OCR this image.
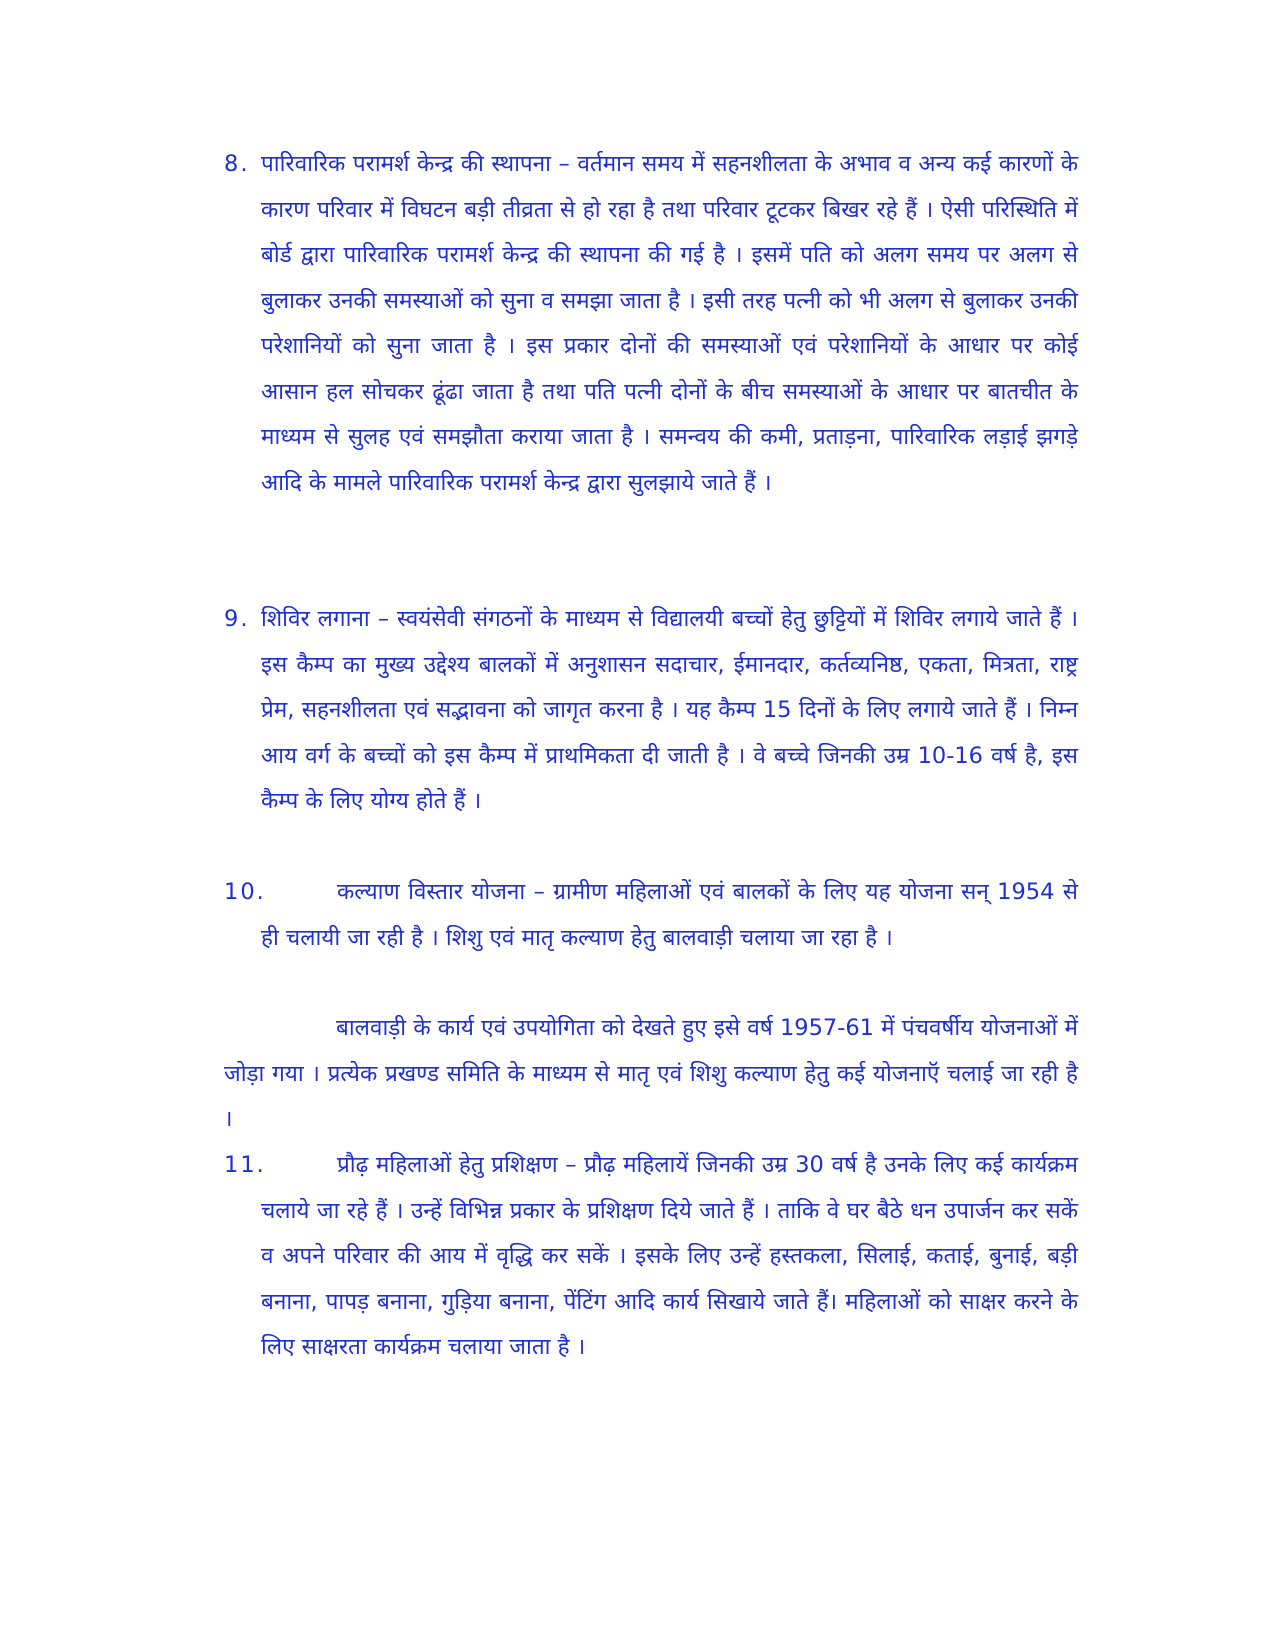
8. पारिवारिक परामर्श केन्द्र की स्थापना – वर्तमान समय में सहनशीलता के अभाव व अन्य कई कारणों के कारण परिवार में विघटन बड़ी तीव्रता से हो रहा है तथा परिवार टूटकर बिखर रहे हैं । ऐसी परिस्थिति में बोर्ड द्वारा पारिवारिक परामर्श केन्द्र की स्थापना की गई है । इसमें पति को अलग समय पर अलग से बुलाकर उनकी समस्याओं को सुना व समझा जाता है । इसी तरह पत्नी को भी अलग से बुलाकर उनकी परेशानियों को सुना जाता है । इस प्रकार दोनों की समस्याओं एवं परेशानियों के आधार पर कोई आसान हल सोचकर ढूंढा जाता है तथा पति पत्नी दोनों के बीच समस्याओं के आधार पर बातचीत के माध्यम से सुलह एवं समझौता कराया जाता है । समन्वय की कमी, प्रताड़ना, पारिवारिक लड़ाई झगड़े आदि के मामले पारिवारिक परामर्श केन्द्र द्वारा सुलझाये जाते हैं ।
9. शिविर लगाना – स्वयंसेवी संगठनों के माध्यम से विद्यालयी बच्चों हेतु छुट्टियों में शिविर लगाये जाते हैं । इस कैम्प का मुख्य उद्देश्य बालकों में अनुशासन सदाचार, ईमानदार, कर्तव्यनिष्ठ, एकता, मित्रता, राष्ट्र प्रेम, सहनशीलता एवं सद्भावना को जागृत करना है । यह कैम्प 15 दिनों के लिए लगाये जाते हैं । निम्न आय वर्ग के बच्चों को इस कैम्प में प्राथमिकता दी जाती है । वे बच्चे जिनकी उम्र 10-16 वर्ष है, इस कैम्प के लिए योग्य होते हैं ।
10.	कल्याण विस्तार योजना – ग्रामीण महिलाओं एवं बालकों के लिए यह योजना सन् 1954 से ही चलायी जा रही है । शिशु एवं मातृ कल्याण हेतु बालवाड़ी चलाया जा रहा है ।
बालवाड़ी के कार्य एवं उपयोगिता को देखते हुए इसे वर्ष 1957-61 में पंचवर्षीय योजनाओं में जोड़ा गया । प्रत्येक प्रखण्ड समिति के माध्यम से मातृ एवं शिशु कल्याण हेतु कई योजनाऍ चलाई जा रही है ।
11.	प्रौढ़ महिलाओं हेतु प्रशिक्षण – प्रौढ़ महिलायें जिनकी उम्र 30 वर्ष है उनके लिए कई कार्यक्रम चलाये जा रहे हैं । उन्हें विभिन्न प्रकार के प्रशिक्षण दिये जाते हैं । ताकि वे घर बैठे धन उपार्जन कर सकें व अपने परिवार की आय में वृद्धि कर सकें । इसके लिए उन्हें हस्तकला, सिलाई, कताई, बुनाई, बड़ी बनाना, पापड़ बनाना, गुड़िया बनाना, पेंटिंग आदि कार्य सिखाये जाते हैं। महिलाओं को साक्षर करने के लिए साक्षरता कार्यक्रम चलाया जाता है ।
